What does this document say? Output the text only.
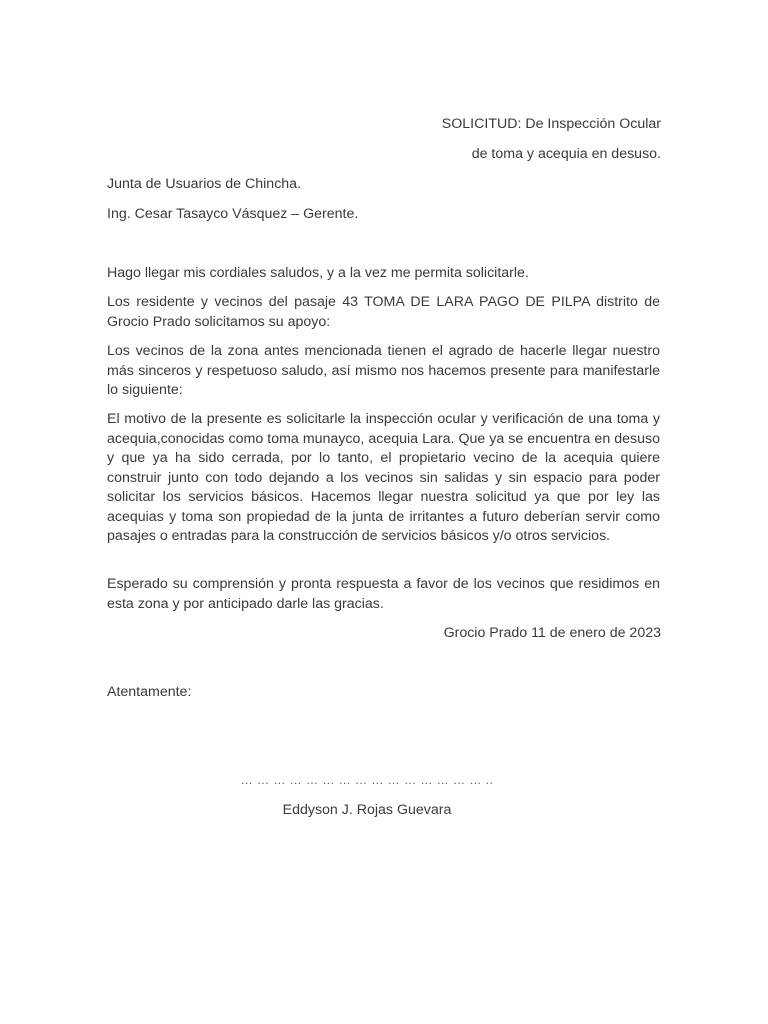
SOLICITUD: De Inspección Ocular
de toma y acequia en desuso.
Junta de Usuarios de Chincha.
Ing. Cesar Tasayco Vásquez – Gerente.
Hago llegar mis cordiales saludos, y a la vez me permita solicitarle.
Los residente y vecinos del pasaje 43 TOMA DE LARA PAGO DE PILPA distrito de Grocio Prado solicitamos su apoyo:
Los vecinos de la zona antes mencionada tienen el agrado de hacerle llegar nuestro más sinceros y respetuoso saludo, así mismo nos hacemos presente para manifestarle lo siguiente:
El motivo de la presente es solicitarle la inspección ocular y verificación de una toma y acequia,conocidas como toma munayco, acequia Lara. Que ya se encuentra en desuso y que ya ha sido cerrada, por lo tanto, el propietario vecino de la acequia quiere construir junto con todo dejando a los vecinos sin salidas y sin espacio para poder solicitar los servicios básicos. Hacemos llegar nuestra solicitud ya que por ley las acequias y toma son propiedad de la junta de irritantes a futuro deberían servir como pasajes o entradas para la construcción de servicios básicos y/o otros servicios.
Esperado su comprensión y pronta respuesta a favor de los vecinos que residimos en esta zona y por anticipado darle las gracias.
Grocio Prado 11 de enero de 2023
Atentamente:
… … … … … … … … … … … … … … … ..
Eddyson J. Rojas Guevara
